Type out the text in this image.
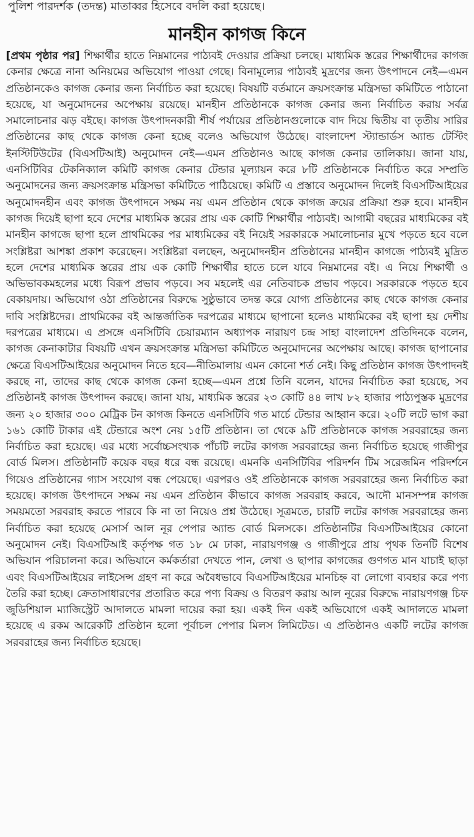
পুলিশ পারদর্শক (তদন্ত) মাতাব্বর হিসেবে বদলি করা হয়েছে।
মানহীন কাগজ কিনে

[প্রথম পৃষ্ঠার পর] শিক্ষার্থীর হাতে নিম্নমানের পাঠ্যবই দেওয়ার প্রক্রিয়া চলছে। মাধ্যমিক স্তরের শিক্ষার্থীদের কাগজ কেনার ক্ষেত্রে নানা অনিয়মের অভিযোগ পাওয়া গেছে। বিনামূল্যের পাঠ্যবই মুদ্রণের জন্য উৎপাদনে নেই—এমন প্রতিষ্ঠানকেও কাগজ কেনার জন্য নির্বাচিত করা হয়েছে। বিষয়টি বর্তমানে ক্রয়সংক্রান্ত মন্ত্রিসভা কমিটিতে পাঠানো হয়েছে, যা অনুমোদনের অপেক্ষায় রয়েছে। মানহীন প্রতিষ্ঠানকে কাগজ কেনার জন্য নির্বাচিত করায় সর্বত্র সমালোচনার ঝড় বইছে। কাগজ উৎপাদনকারী শীর্ষ পর্যায়ের প্রতিষ্ঠানগুলোকে বাদ দিয়ে দ্বিতীয় বা তৃতীয় সারির প্রতিষ্ঠানের কাছ থেকে কাগজ কেনা হচ্ছে বলেও অভিযোগ উঠেছে। বাংলাদেশ স্ট্যান্ডার্ডস অ্যান্ড টেস্টিং ইনস্টিটিউটের (বিএসটিআই) অনুমোদন নেই—এমন প্রতিষ্ঠানও আছে কাগজ কেনার তালিকায়। জানা যায়, এনসিটিবির টেকনিক্যাল কমিটি কাগজ কেনার টেন্ডার মূল্যায়ন করে ৮টি প্রতিষ্ঠানকে নির্বাচিত করে সম্প্রতি অনুমোদনের জন্য ক্রয়সংক্রান্ত মন্ত্রিসভা কমিটিতে পাঠিয়েছে। কমিটি এ প্রস্তাবে অনুমোদন দিলেই বিএসটিআইয়ের অনুমোদনহীন এবং কাগজ উৎপাদনে সক্ষম নয় এমন প্রতিষ্ঠান থেকে কাগজ ক্রয়ের প্রক্রিয়া শুরু হবে। মানহীন কাগজ দিয়েই ছাপা হবে দেশের মাধ্যমিক স্তরের প্রায় এক কোটি শিক্ষার্থীর পাঠ্যবই। আগামী বছরের মাধ্যমিকের বই মানহীন কাগজে ছাপা হলে প্রাথমিকের পর মাধ্যমিকের বই নিয়েই সরকারকে সমালোচনার মুখে পড়তে হবে বলে সংশ্লিষ্টরা আশঙ্কা প্রকাশ করেছেন। সংশ্লিষ্টরা বলছেন, অনুমোদনহীন প্রতিষ্ঠানের মানহীন কাগজে পাঠ্যবই মুদ্রিত হলে দেশের মাধ্যমিক স্তরের প্রায় এক কোটি শিক্ষার্থীর হাতে চলে যাবে নিম্নমানের বই। এ নিয়ে শিক্ষার্থী ও অভিভাবকমহলের মধ্যে বিরূপ প্রভাব পড়বে। সব মহলেই এর নেতিবাচক প্রভাব পড়বে। সরকারকে পড়তে হবে বেকায়দায়। অভিযোগ ওঠা প্রতিষ্ঠানের বিরুদ্ধে সুষ্ঠুভাবে তদন্ত করে যোগ্য প্রতিষ্ঠানের কাছ থেকে কাগজ কেনার দাবি সংশ্লিষ্টদের। প্রাথমিকের বই আন্তর্জাতিক দরপত্রের মাধ্যমে ছাপানো হলেও মাধ্যমিকের বই ছাপা হয় দেশীয় দরপত্রের মাধ্যমে। এ প্রসঙ্গে এনসিটিবি চেয়ারম্যান অধ্যাপক নারায়ণ চন্দ্র সাহা বাংলাদেশ প্রতিদিনকে বলেন, কাগজ কেনাকাটার বিষয়টি এখন ক্রয়সংক্রান্ত মন্ত্রিসভা কমিটিতে অনুমোদনের অপেক্ষায় আছে। কাগজ ছাপানোর ক্ষেত্রে বিএসটিআইয়ের অনুমোদন নিতে হবে—নীতিমালায় এমন কোনো শর্ত নেই। কিছু প্রতিষ্ঠান কাগজ উৎপাদনই করছে না, তাদের কাছ থেকে কাগজ কেনা হচ্ছে—এমন প্রশ্নে তিনি বলেন, যাদের নির্বাচিত করা হয়েছে, সব প্রতিষ্ঠানই কাগজ উৎপাদন করছে। জানা যায়, মাধ্যমিক স্তরের ২৩ কোটি ৪৪ লাখ ৮২ হাজার পাঠ্যপুস্তক মুদ্রণের জন্য ২০ হাজার ৩০০ মেট্রিক টন কাগজ কিনতে এনসিটিবি গত মার্চে টেন্ডার আহ্বান করে। ২০টি লটে ভাগ করা ১৬১ কোটি টাকার এই টেন্ডারে অংশ নেয় ১৫টি প্রতিষ্ঠান। তা থেকে ৯টি প্রতিষ্ঠানকে কাগজ সরবরাহের জন্য নির্বাচিত করা হয়েছে। এর মধ্যে সর্বোচ্চসংখ্যক পাঁচটি লটের কাগজ সরবরাহের জন্য নির্বাচিত হয়েছে গাজীপুর বোর্ড মিলস। প্রতিষ্ঠানটি কয়েক বছর ধরে বন্ধ রয়েছে। এমনকি এনসিটিবির পরিদর্শন টিম সরেজমিন পরিদর্শনে গিয়েও প্রতিষ্ঠানের গ্যাস সংযোগ বন্ধ পেয়েছে। এরপরও ওই প্রতিষ্ঠানকে কাগজ সরবরাহের জন্য নির্বাচিত করা হয়েছে। কাগজ উৎপাদনে সক্ষম নয় এমন প্রতিষ্ঠান কীভাবে কাগজ সরবরাহ করবে, আদৌ মানসম্পন্ন কাগজ সময়মতো সরবরাহ করতে পারবে কি না তা নিয়েও প্রশ্ন উঠেছে। সূত্রমতে, চারটি লটের কাগজ সরবরাহের জন্য নির্বাচিত করা হয়েছে মেসার্স আল নূর পেপার অ্যান্ড বোর্ড মিলসকে। প্রতিষ্ঠানটির বিএসটিআইয়ের কোনো অনুমোদন নেই। বিএসটিআই কর্তৃপক্ষ গত ১৮ মে ঢাকা, নারায়ণগঞ্জ ও গাজীপুরে প্রায় পৃথক তিনটি বিশেষ অভিযান পরিচালনা করে। অভিযানে কর্মকর্তারা দেখতে পান, লেখা ও ছাপার কাগজের গুণগত মান যাচাই ছাড়া এবং বিএসটিআইয়ের লাইসেন্স গ্রহণ না করে অবৈধভাবে বিএসটিআইয়ের মানচিহ্ন বা লোগো ব্যবহার করে পণ্য তৈরি করা হচ্ছে। ক্রেতাসাধারণের প্রতারিত করে পণ্য বিক্রয় ও বিতরণ করায় আল নূরের বিরুদ্ধে নারায়ণগঞ্জ চিফ জুডিশিয়াল ম্যাজিস্ট্রেট আদালতে মামলা দায়ের করা হয়। একই দিন একই অভিযোগে একই আদালতে মামলা হয়েছে এ রকম আরেকটি প্রতিষ্ঠান হলো পূর্বাচল পেপার মিলস লিমিটেড। এ প্রতিষ্ঠানও একটি লটের কাগজ সরবরাহের জন্য নির্বাচিত হয়েছে।
